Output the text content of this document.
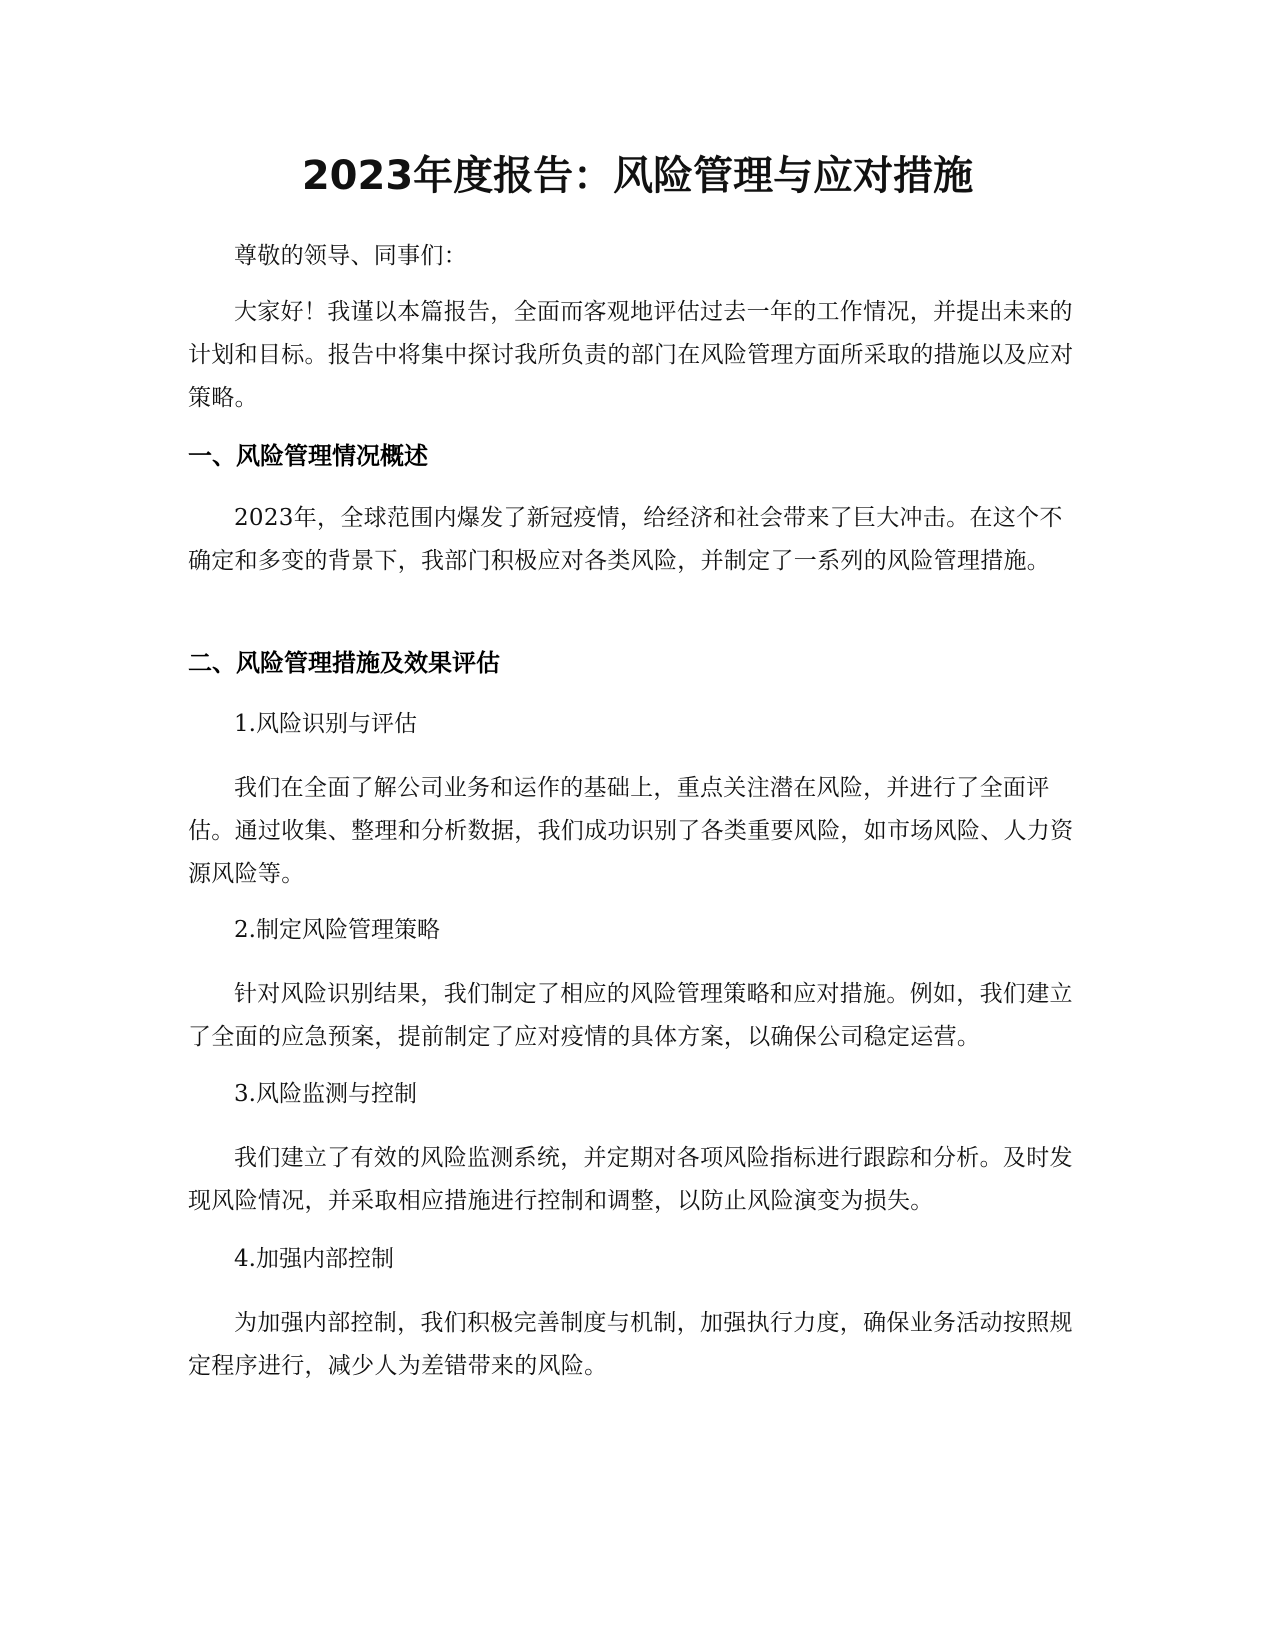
2023年度报告：风险管理与应对措施

尊敬的领导、同事们：

大家好！我谨以本篇报告，全面而客观地评估过去一年的工作情况，并提出未来的计划和目标。报告中将集中探讨我所负责的部门在风险管理方面所采取的措施以及应对策略。

一、风险管理情况概述

2023年，全球范围内爆发了新冠疫情，给经济和社会带来了巨大冲击。在这个不确定和多变的背景下，我部门积极应对各类风险，并制定了一系列的风险管理措施。

二、风险管理措施及效果评估

1.风险识别与评估

我们在全面了解公司业务和运作的基础上，重点关注潜在风险，并进行了全面评估。通过收集、整理和分析数据，我们成功识别了各类重要风险，如市场风险、人力资源风险等。

2.制定风险管理策略

针对风险识别结果，我们制定了相应的风险管理策略和应对措施。例如，我们建立了全面的应急预案，提前制定了应对疫情的具体方案，以确保公司稳定运营。

3.风险监测与控制

我们建立了有效的风险监测系统，并定期对各项风险指标进行跟踪和分析。及时发现风险情况，并采取相应措施进行控制和调整，以防止风险演变为损失。

4.加强内部控制

为加强内部控制，我们积极完善制度与机制，加强执行力度，确保业务活动按照规定程序进行，减少人为差错带来的风险。
